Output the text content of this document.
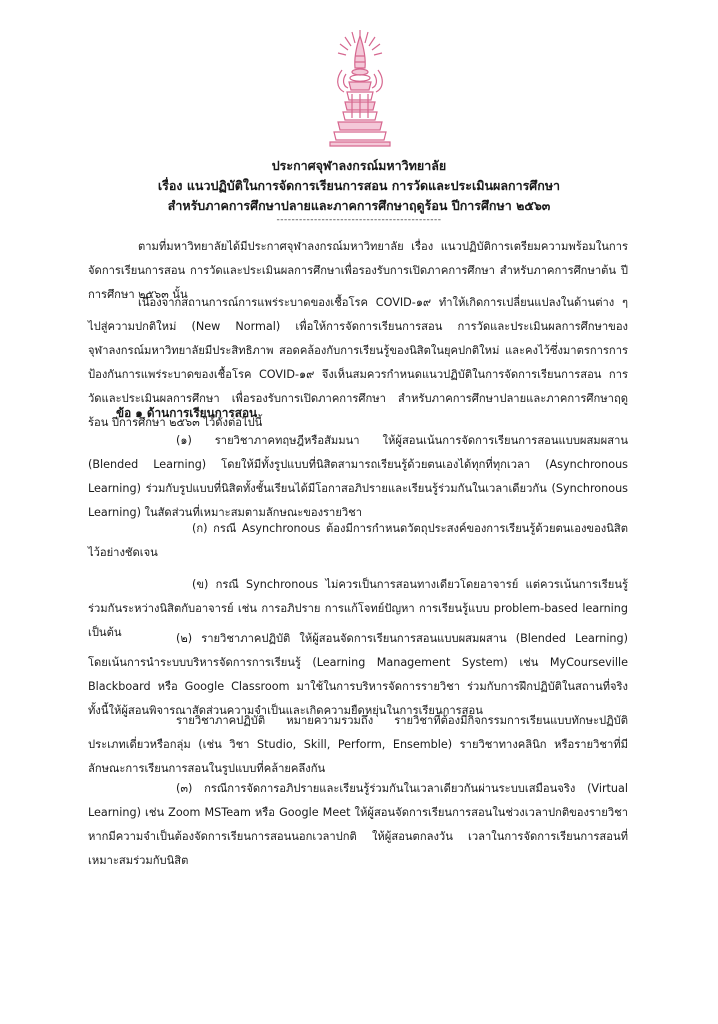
ประกาศจุฬาลงกรณ์มหาวิทยาลัย
เรื่อง แนวปฏิบัติในการจัดการเรียนการสอน การวัดและประเมินผลการศึกษา
สำหรับภาคการศึกษาปลายและภาคการศึกษาฤดูร้อน ปีการศึกษา ๒๕๖๓
--------------------------------------------

ตามที่มหาวิทยาลัยได้มีประกาศจุฬาลงกรณ์มหาวิทยาลัย เรื่อง แนวปฏิบัติการเตรียมความพร้อมในการจัดการเรียนการสอน การวัดและประเมินผลการศึกษาเพื่อรองรับการเปิดภาคการศึกษา สำหรับภาคการศึกษาต้น ปีการศึกษา ๒๕๖๓ นั้น

เนื่องจากสถานการณ์การแพร่ระบาดของเชื้อโรค COVID-๑๙ ทำให้เกิดการเปลี่ยนแปลงในด้านต่าง ๆ ไปสู่ความปกติใหม่ (New Normal) เพื่อให้การจัดการเรียนการสอน การวัดและประเมินผลการศึกษาของจุฬาลงกรณ์มหาวิทยาลัยมีประสิทธิภาพ สอดคล้องกับการเรียนรู้ของนิสิตในยุคปกติใหม่ และคงไว้ซึ่งมาตรการการป้องกันการแพร่ระบาดของเชื้อโรค COVID-๑๙ จึงเห็นสมควรกำหนดแนวปฏิบัติในการจัดการเรียนการสอน การวัดและประเมินผลการศึกษา เพื่อรองรับการเปิดภาคการศึกษา สำหรับภาคการศึกษาปลายและภาคการศึกษาฤดูร้อน ปีการศึกษา ๒๕๖๓ ไว้ดังต่อไปนี้

ข้อ ๑ ด้านการเรียนการสอน

(๑) รายวิชาภาคทฤษฎีหรือสัมมนา ให้ผู้สอนเน้นการจัดการเรียนการสอนแบบผสมผสาน (Blended Learning) โดยให้มีทั้งรูปแบบที่นิสิตสามารถเรียนรู้ด้วยตนเองได้ทุกที่ทุกเวลา (Asynchronous Learning) ร่วมกับรูปแบบที่นิสิตทั้งชั้นเรียนได้มีโอกาสอภิปรายและเรียนรู้ร่วมกันในเวลาเดียวกัน (Synchronous Learning) ในสัดส่วนที่เหมาะสมตามลักษณะของรายวิชา

(ก) กรณี Asynchronous ต้องมีการกำหนดวัตถุประสงค์ของการเรียนรู้ด้วยตนเองของนิสิตไว้อย่างชัดเจน

(ข) กรณี Synchronous ไม่ควรเป็นการสอนทางเดียวโดยอาจารย์ แต่ควรเน้นการเรียนรู้ร่วมกันระหว่างนิสิตกับอาจารย์ เช่น การอภิปราย การแก้โจทย์ปัญหา การเรียนรู้แบบ problem-based learning เป็นต้น	(๒) รายวิชาภาคปฏิบัติ ให้ผู้สอนจัดการเรียนการสอนแบบผสมผสาน (Blended Learning) โดยเน้นการนำระบบบริหารจัดการการเรียนรู้ (Learning Management System) เช่น MyCourseville Blackboard หรือ Google Classroom มาใช้ในการบริหารจัดการรายวิชา ร่วมกับการฝึกปฏิบัติในสถานที่จริง ทั้งนี้ให้ผู้สอนพิจารณาสัดส่วนความจำเป็นและเกิดความยืดหยุ่นในการเรียนการสอน

รายวิชาภาคปฏิบัติ หมายความรวมถึง รายวิชาที่ต้องมีกิจกรรมการเรียนแบบทักษะปฏิบัติประเภทเดี่ยวหรือกลุ่ม (เช่น วิชา Studio, Skill, Perform, Ensemble) รายวิชาทางคลินิก หรือรายวิชาที่มีลักษณะการเรียนการสอนในรูปแบบที่คล้ายคลึงกัน

(๓) กรณีการจัดการอภิปรายและเรียนรู้ร่วมกันในเวลาเดียวกันผ่านระบบเสมือนจริง (Virtual Learning) เช่น Zoom MSTeam หรือ Google Meet ให้ผู้สอนจัดการเรียนการสอนในช่วงเวลาปกติของรายวิชา หากมีความจำเป็นต้องจัดการเรียนการสอนนอกเวลาปกติ ให้ผู้สอนตกลงวัน เวลาในการจัดการเรียนการสอนที่เหมาะสมร่วมกับนิสิต
